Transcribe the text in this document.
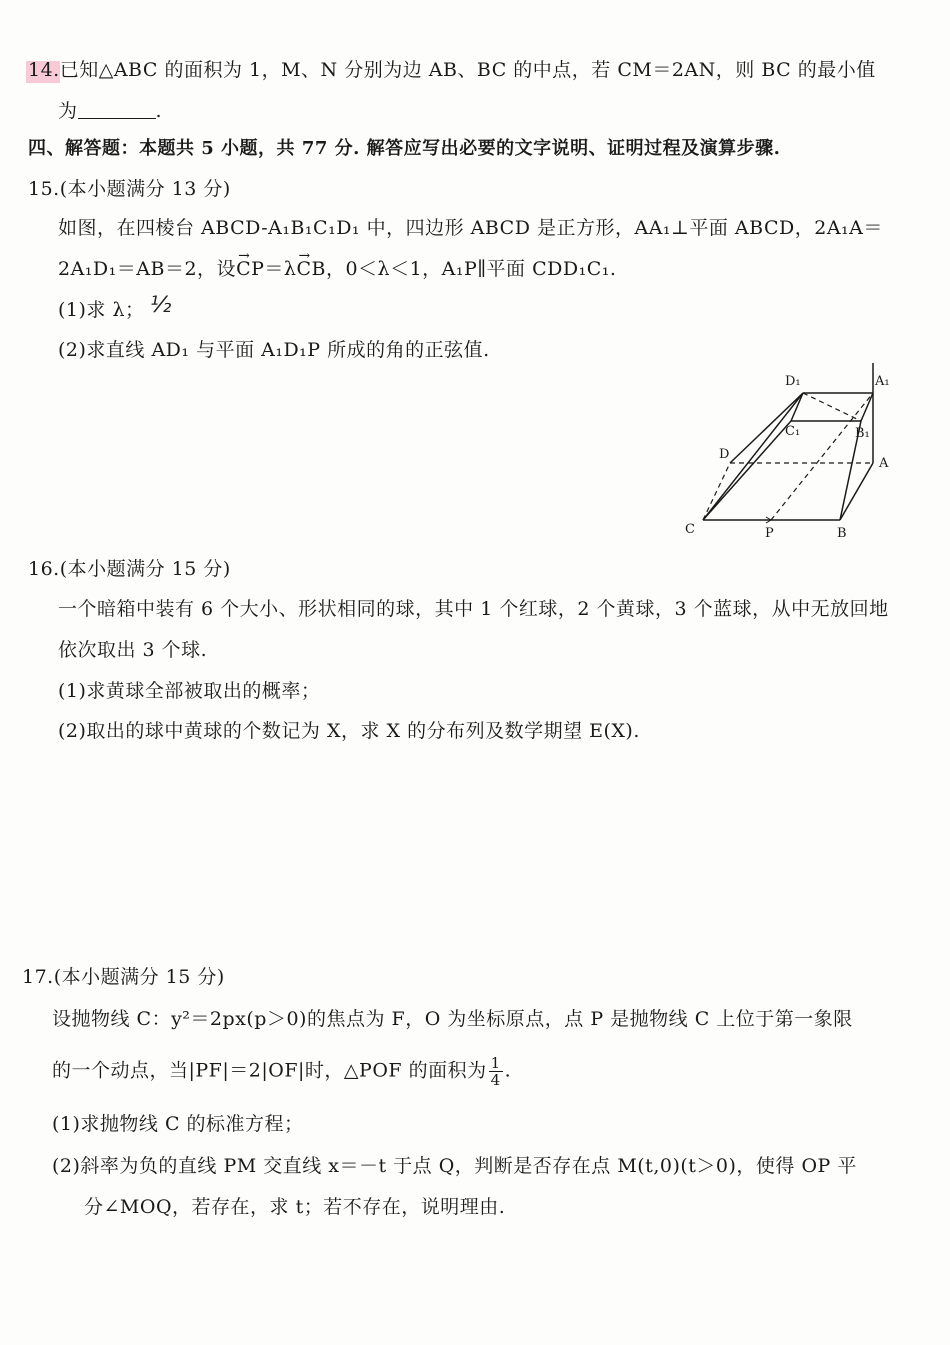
14.已知△ABC 的面积为 1，M、N 分别为边 AB、BC 的中点，若 CM＝2AN，则 BC 的最小值
为	.
四、解答题：本题共 5 小题，共 77 分. 解答应写出必要的文字说明、证明过程及演算步骤.
15.(本小题满分 13 分)
如图，在四棱台 ABCD-A₁B₁C₁D₁ 中，四边形 ABCD 是正方形，AA₁⊥平面 ABCD，2A₁A＝
2A₁D₁＝AB＝2，设→ CP＝λ→ CB，0＜λ＜1，A₁P∥平面 CDD₁C₁.
(1)求 λ； ½
(2)求直线 AD₁ 与平面 A₁D₁P 所成的角的正弦值.
D₁	A₁
C₁	B₁
D
A
C	P	B
16.(本小题满分 15 分)
一个暗箱中装有 6 个大小、形状相同的球，其中 1 个红球，2 个黄球，3 个蓝球，从中无放回地
依次取出 3 个球.
(1)求黄球全部被取出的概率；
(2)取出的球中黄球的个数记为 X，求 X 的分布列及数学期望 E(X).
17.(本小题满分 15 分)
设抛物线 C：y²＝2px(p＞0)的焦点为 F，O 为坐标原点，点 P 是抛物线 C 上位于第一象限
的一个动点，当|PF|＝2|OF|时，△POF 的面积为 $\frac{1}{4}$ .
(1)求抛物线 C 的标准方程；
(2)斜率为负的直线 PM 交直线 x＝－t 于点 Q，判断是否存在点 M(t,0)(t＞0)，使得 OP 平
分∠MOQ，若存在，求 t；若不存在，说明理由.
